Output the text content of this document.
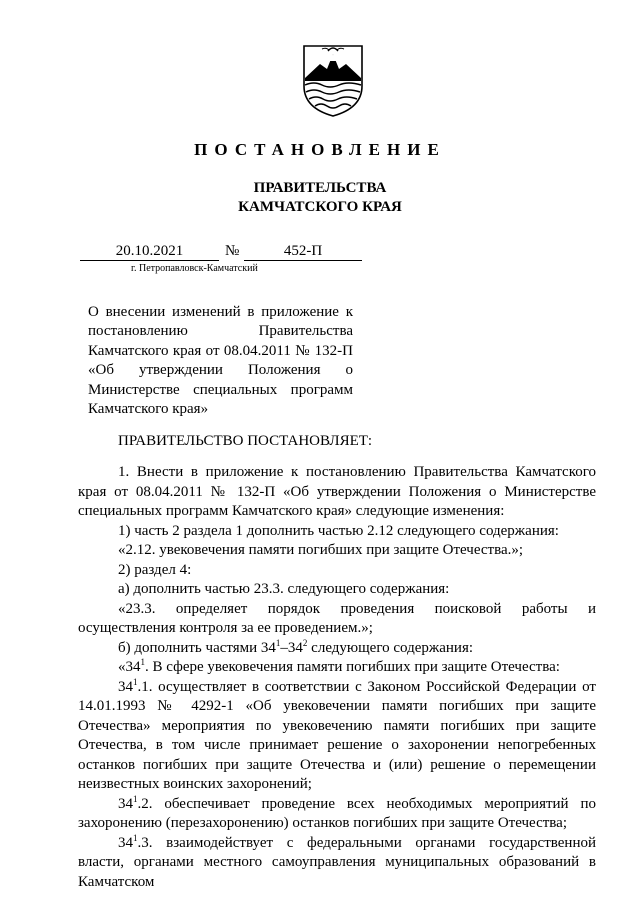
ПОСТАНОВЛЕНИЕ
ПРАВИТЕЛЬСТВА
КАМЧАТСКОГО КРАЯ
20.10.2021	№	452-П
г. Петропавловск-Камчатский
О внесении изменений в приложение к
постановлению Правительства
Камчатского края от 08.04.2011 № 132-П
«Об утверждении Положения о
Министерстве специальных программ
Камчатского края»
ПРАВИТЕЛЬСТВО ПОСТАНОВЛЯЕТ:

1. Внести в приложение к постановлению Правительства Камчатского края от 08.04.2011 № 132-П «Об утверждении Положения о Министерстве специальных программ Камчатского края» следующие изменения:

1) часть 2 раздела 1 дополнить частью 2.12 следующего содержания:

«2.12. увековечения памяти погибших при защите Отечества.»;

2) раздел 4:

а) дополнить частью 23.3. следующего содержания:

«23.3. определяет порядок проведения поисковой работы и осуществления контроля за ее проведением.»;

б) дополнить частями $34^1-34^2$ следующего содержания:

«$34^1$. В сфере увековечения памяти погибших при защите Отечества:

$34^1.1$. осуществляет в соответствии с Законом Российской Федерации от 14.01.1993 № 4292-1 «Об увековечении памяти погибших при защите Отечества» мероприятия по увековечению памяти погибших при защите Отечества, в том числе принимает решение о захоронении непогребенных останков погибших при защите Отечества и (или) решение о перемещении неизвестных воинских захоронений;

$34^1.2$. обеспечивает проведение всех необходимых мероприятий по захоронению (перезахоронению) останков погибших при защите Отечества;

$34^1.3$. взаимодействует с федеральными органами государственной власти, органами местного самоуправления муниципальных образований в Камчатском
